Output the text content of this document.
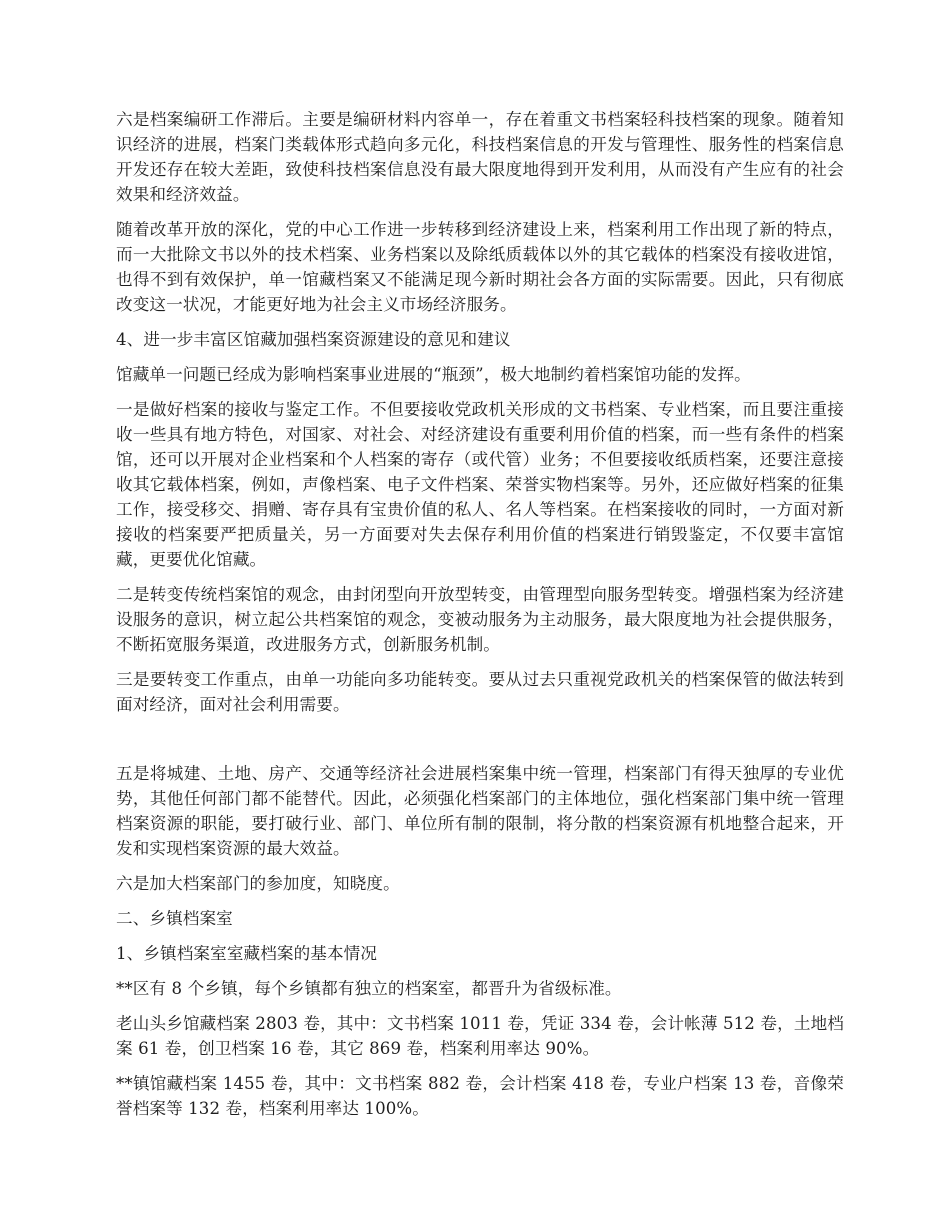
六是档案编研工作滞后。主要是编研材料内容单一，存在着重文书档案轻科技档案的现象。随着知识经济的进展，档案门类载体形式趋向多元化，科技档案信息的开发与管理性、服务性的档案信息开发还存在较大差距，致使科技档案信息没有最大限度地得到开发利用，从而没有产生应有的社会效果和经济效益。

随着改革开放的深化，党的中心工作进一步转移到经济建设上来，档案利用工作出现了新的特点，而一大批除文书以外的技术档案、业务档案以及除纸质载体以外的其它载体的档案没有接收进馆，也得不到有效保护，单一馆藏档案又不能满足现今新时期社会各方面的实际需要。因此，只有彻底改变这一状况，才能更好地为社会主义市场经济服务。

4、进一步丰富区馆藏加强档案资源建设的意见和建议

馆藏单一问题已经成为影响档案事业进展的“瓶颈”，极大地制约着档案馆功能的发挥。

一是做好档案的接收与鉴定工作。不但要接收党政机关形成的文书档案、专业档案，而且要注重接收一些具有地方特色，对国家、对社会、对经济建设有重要利用价值的档案，而一些有条件的档案馆，还可以开展对企业档案和个人档案的寄存（或代管）业务；不但要接收纸质档案，还要注意接收其它载体档案，例如，声像档案、电子文件档案、荣誉实物档案等。另外，还应做好档案的征集工作，接受移交、捐赠、寄存具有宝贵价值的私人、名人等档案。在档案接收的同时，一方面对新接收的档案要严把质量关，另一方面要对失去保存利用价值的档案进行销毁鉴定，不仅要丰富馆藏，更要优化馆藏。

二是转变传统档案馆的观念，由封闭型向开放型转变，由管理型向服务型转变。增强档案为经济建设服务的意识，树立起公共档案馆的观念，变被动服务为主动服务，最大限度地为社会提供服务，不断拓宽服务渠道，改进服务方式，创新服务机制。

三是要转变工作重点，由单一功能向多功能转变。要从过去只重视党政机关的档案保管的做法转到面对经济，面对社会利用需要。

五是将城建、土地、房产、交通等经济社会进展档案集中统一管理，档案部门有得天独厚的专业优势，其他任何部门都不能替代。因此，必须强化档案部门的主体地位，强化档案部门集中统一管理档案资源的职能，要打破行业、部门、单位所有制的限制，将分散的档案资源有机地整合起来，开发和实现档案资源的最大效益。

六是加大档案部门的参加度，知晓度。

二、乡镇档案室

1、乡镇档案室室藏档案的基本情况

**区有 8 个乡镇，每个乡镇都有独立的档案室，都晋升为省级标准。

老山头乡馆藏档案 2803 卷，其中：文书档案 1011 卷，凭证 334 卷，会计帐薄 512 卷，土地档案 61 卷，创卫档案 16 卷，其它 869 卷，档案利用率达 90%。

**镇馆藏档案 1455 卷，其中：文书档案 882 卷，会计档案 418 卷，专业户档案 13 卷，音像荣誉档案等 132 卷，档案利用率达 100%。
